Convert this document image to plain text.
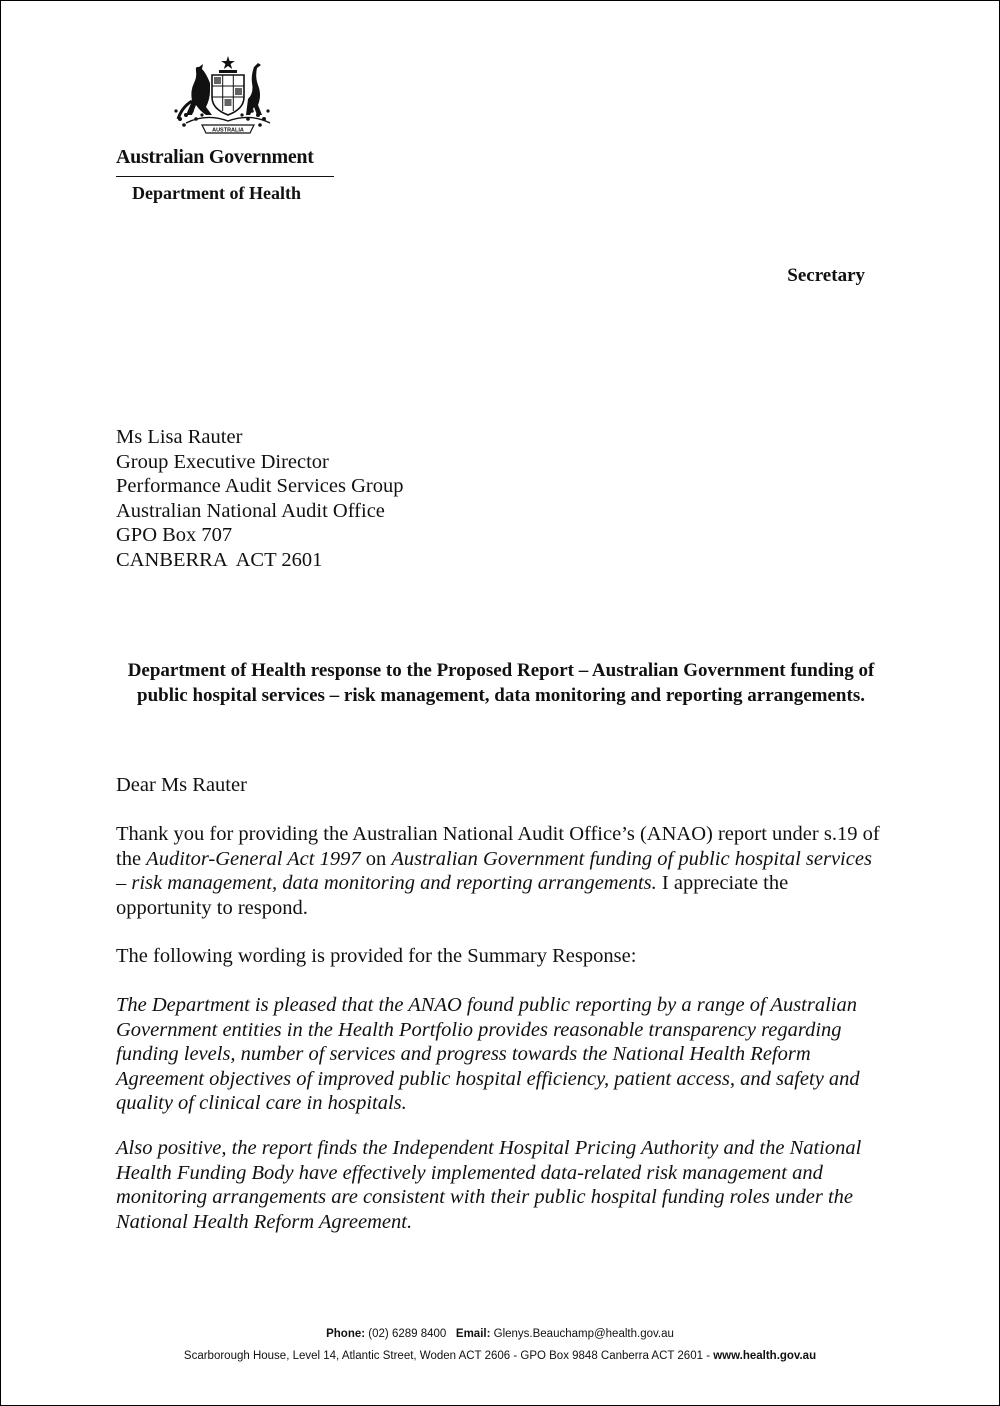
AUSTRALIA
Australian Government
Department of Health
Secretary
Ms Lisa Rauter
Group Executive Director
Performance Audit Services Group
Australian National Audit Office
GPO Box 707
CANBERRA  ACT 2601
Department of Health response to the Proposed Report – Australian Government funding of public hospital services – risk management, data monitoring and reporting arrangements.

Dear Ms Rauter

Thank you for providing the Australian National Audit Office’s (ANAO) report under s.19 of the Auditor-General Act 1997 on Australian Government funding of public hospital services – risk management, data monitoring and reporting arrangements. I appreciate the opportunity to respond.

The following wording is provided for the Summary Response:

The Department is pleased that the ANAO found public reporting by a range of Australian Government entities in the Health Portfolio provides reasonable transparency regarding funding levels, number of services and progress towards the National Health Reform Agreement objectives of improved public hospital efficiency, patient access, and safety and quality of clinical care in hospitals.

Also positive, the report finds the Independent Hospital Pricing Authority and the National Health Funding Body have effectively implemented data-related risk management and monitoring arrangements are consistent with their public hospital funding roles under the National Health Reform Agreement.

Phone: (02) 6289 8400 Email: Glenys.Beauchamp@health.gov.au
Scarborough House, Level 14, Atlantic Street, Woden ACT 2606 - GPO Box 9848 Canberra ACT 2601 - www.health.gov.au
